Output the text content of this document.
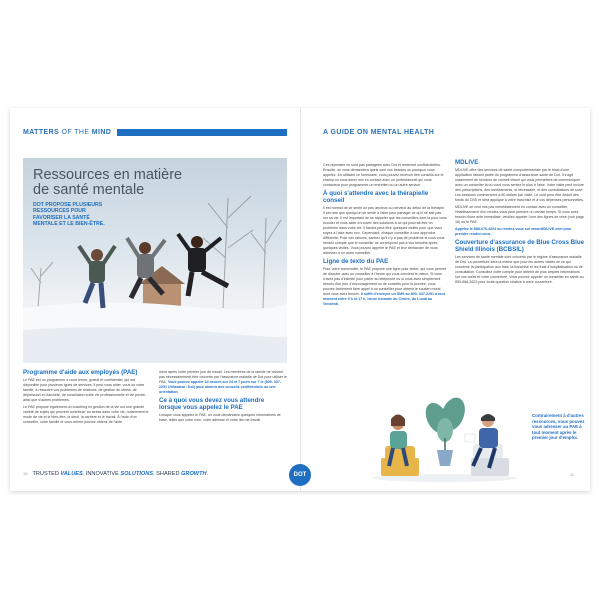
MATTERS OF THE MIND
Ressources en matière de santé mentale
DOT PROPOSE PLUSIEURS RESSOURCES POUR FAVORISER LA SANTÉ MENTALE ET LE BIEN-ÊTRE.
Programme d'aide aux employés (PAE)

Le PAE est un programme à court terme, gratuit et confidentiel, qui est disponible pour plusieurs types de services. Il peut vous aider, vous ou votre famille, à résoudre vos problèmes de relations, de gestion du stress, de dépression et d'anxiété, de conciliation entre vie professionnelle et vie privée, ainsi que d'autres problèmes.

Le PAE propose également un coaching en gestion de la vie sur une grande variété de sujets qui peuvent contribuer au stress dans votre vie, notamment le mode de vie et le bien-être, le deuil, la carrière et le travail. À l'aide d'un conseiller, votre famille et vous-même pouvez obtenir de l'aide.

ment après votre premier jour de travail. Les membres de la famille ne doivent pas nécessairement être couverts par l'assurance maladie de Dot pour utiliser le PAE. Vous pouvez appeler 24 heures sur 24 et 7 jours sur 7 le (800- 337-2251 Utilisateur: Dot) pour obtenir des conseils confidentiels ou une orientation.

Ce à quoi vous devez vous attendre lorsque vous appelez le PAE

Lorsque vous appelez le PAE, on vous demandera quelques informations de base, telles que votre nom, votre adresse et votre lieu de travail.

10 TRUSTED VALUES. INNOVATIVE SOLUTIONS. SHARED GROWTH.
A GUIDE ON MENTAL HEALTH

Ces réponses ne sont pas partagées avec Dot et resteront confidentielles. Ensuite, on vous demandera quels sont vos besoins ou pourquoi vous appelez. En utilisant ce formulaire, vous pouvez recevoir des conseils sur le champ ou vous serez mis en contact avec un professionnel qui vous contactera pour programmer un entretien ou un autre service.

À quoi s'attendre avec la thérapie/le conseil

Il est normal de se sentir un peu anxieux ou nerveux au début de la thérapie. Il est rare que quelqu'un se sente à l'aise pour partager ce qu'il ne sait pas sur sa vie. Il est important de se rappeler que les conseillers sont là pour vous écouter et vous aider à trouver des solutions à ce qui pourrait être un problème dans votre vie. Il faudra peut-être quelques visites pour que vous soyez à l'aise avec eux. Cependant, chaque conseiller a une approche différente. Pour ces raisons, sachez qu'il n'y a pas de problème si vous vous rendez compte que le conseiller ne correspond pas à vos besoins après quelques visites. Vous pouvez appeler le PAE et leur demander de vous adresser à un autre conseiller.

Ligne de texto du PAE

Pour votre commodité, le PAE propose une ligne pour texter, qui vous permet de discuter avec un conseiller à l'heure qui vous convient le mieux. Si vous n'avez pas d'intimité pour parler au téléphone ou si vous avez simplement besoin d'un peu d'encouragement ou de conseils pour la journée, vous pouvez facilement faire appel à un conseiller pour obtenir le soutien moral dont vous avez besoin. Il suffit d'envoyer un SMS au 800- 337-2251 à tout moment entre 9 h et 17 h, heure normale du Centre, du Lundi au Vendredi.

MDLIVE

MDLIVE offre des services de santé comportementale par le biais d'une application faisant partie du programme d'assurance santé de Dot. Il s'agit notamment de services de conseil virtuel qui vous permettent de communiquer avec un conseiller là où vous vous sentez le plus à l'aise. Votre visite peut inclure des prescriptions, des médicaments, si nécessaire, et des consultations de suivi. Les sessions commencent à 80 dollars par visite. Le coût peut être déduit des fonds du CBS et sera appliqué à votre franchise et à vos dépenses personnelles.

MDLIVE se veut mis pas immédiatement en contact avec un conseiller, l'établissement d'un rendez-vous peut prendre un certain temps. Si vous avez besoin d'une aide immédiate, veuillez appeler l'une des lignes de crise (voir page 16) ou le PAE.

Appelez le 888-676-4204 ou rendez-vous sur www.MDLIVE.com pour prendre rendez-vous.

Couverture d'assurance de Blue Cross Blue Shield Illinois (BCBSIL)

Les services de santé mentale sont couverts par le régime d'assurance maladie de Dot. La couverture sera la même que pour les autres visites en ce qui concerne la participation aux frais, la franchise et les frais d'hospitalisation ou de consultation. Consultez votre compte pour obtenir de plus amples informations sur vos coûts et votre couverture. Vous pouvez appeler un conseiller en santé au 855-668-2623 pour toute question relative à votre couverture.

Contrairement à d'autres ressources, vous pouvez vous adresser au PAE à tout moment après le premier jour d'emploi.
DOT	11
